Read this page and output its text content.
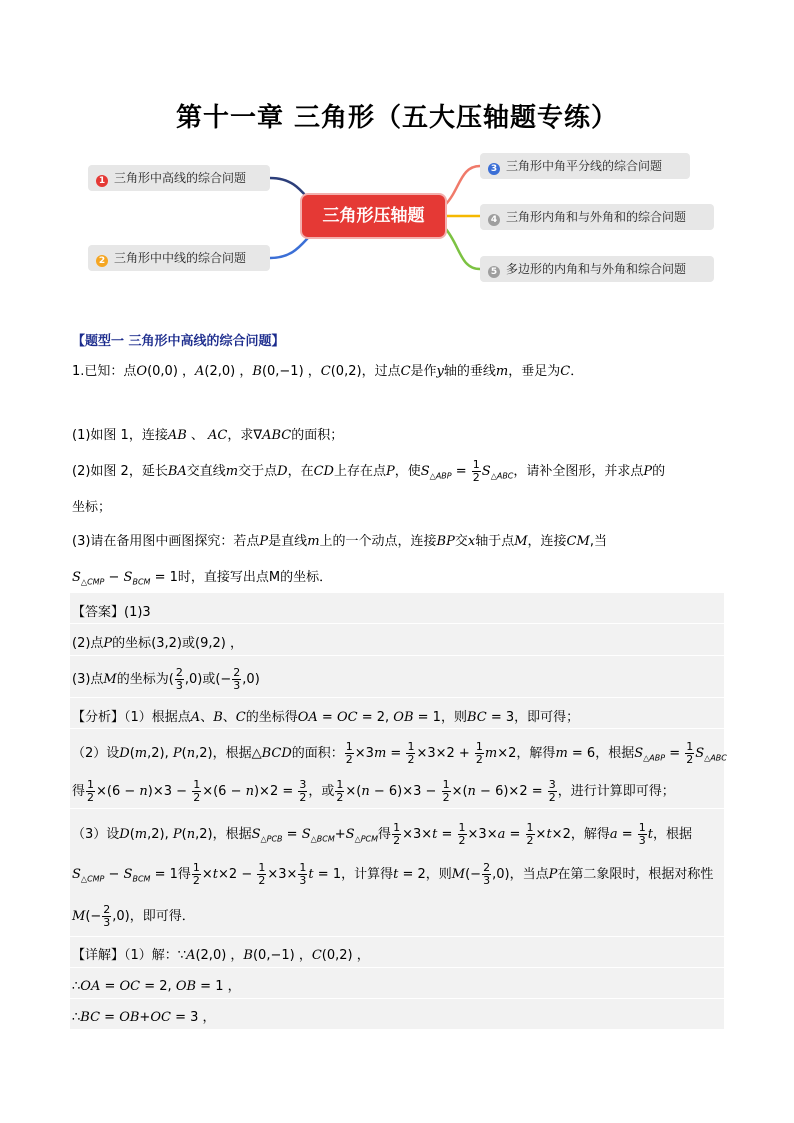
第十一章 三角形（五大压轴题专练）
1 三角形中高线的综合问题
2 三角形中中线的综合问题
三角形压轴题
3 三角形中角平分线的综合问题
4 三角形内角和与外角和的综合问题
5 多边形的内角和与外角和综合问题
【题型一 三角形中高线的综合问题】
1.已知：点O(0,0) ，A(2,0) ，B(0,−1) ，C(0,2)，过点C是作y轴的垂线m，垂足为C．
(1)如图 1，连接AB 、 AC，求∇ABC的面积；
(2)如图 2，延长BA交直线m交于点D，在CD上存在点P，使$S_{\triangle ABP} = \frac{1}{2} S_{\triangle ABC}$，请补全图形，并求点P的
坐标；
(3)请在备用图中画图探究：若点P是直线m上的一个动点，连接BP交x轴于点M，连接CM,当
$S_{\triangle CMP} - S_{BCM} = 1$时，直接写出点M的坐标．
【答案】(1)3
(2)点P的坐标(3,2)或(9,2) ，
(3)点M的坐标为( $\frac{2}{3} ,0$)或(− $\frac{2}{3} ,0$)
【分析】（1）根据点A、B、C的坐标得OA = OC = 2, OB = 1，则BC = 3，即可得；
（2）设D(m,2), P(n,2)，根据△BCD的面积： $\frac{1}{2} \times 3m = \frac{1}{2} \times 3\times 2 + \frac{1}{2} m\times 2$，解得m = 6，根据$S_{\triangle ABP} = \frac{1}{2} S_{\triangle ABC}$
得 $\frac{1}{2} \times(6 - n)\times 3 - \frac{1}{2} \times(6 - n)\times 2 = \frac{3}{2}$ ，或 $\frac{1}{2} \times(n - 6)\times 3 - \frac{1}{2} \times(n - 6)\times 2 = \frac{3}{2}$ ，进行计算即可得；
（3）设D(m,2), P(n,2)，根据$S_{\triangle PCB} = S_{\triangle BCM}+S_{\triangle PCM}$得 $\frac{1}{2} \times 3\times t = \frac{1}{2} \times 3\times a = \frac{1}{2} \times t\times 2$，解得$a = \frac{1}{3}$ t，根据
$S_{\triangle CMP} - S_{BCM} = 1$得 $\frac{1}{2} \times t\times 2 - \frac{1}{2} \times 3\times \frac{1}{3}$ t = 1，计算得t = 2，则$M(- \frac{2}{3} ,0)$，当点P在第二象限时，根据对称性
$M(- \frac{2}{3} ,0)$，即可得．
【详解】（1）解：∵A(2,0) ，B(0,−1) ，C(0,2) ，
∴OA = OC = 2, OB = 1 ，
∴BC = OB+OC = 3 ，
